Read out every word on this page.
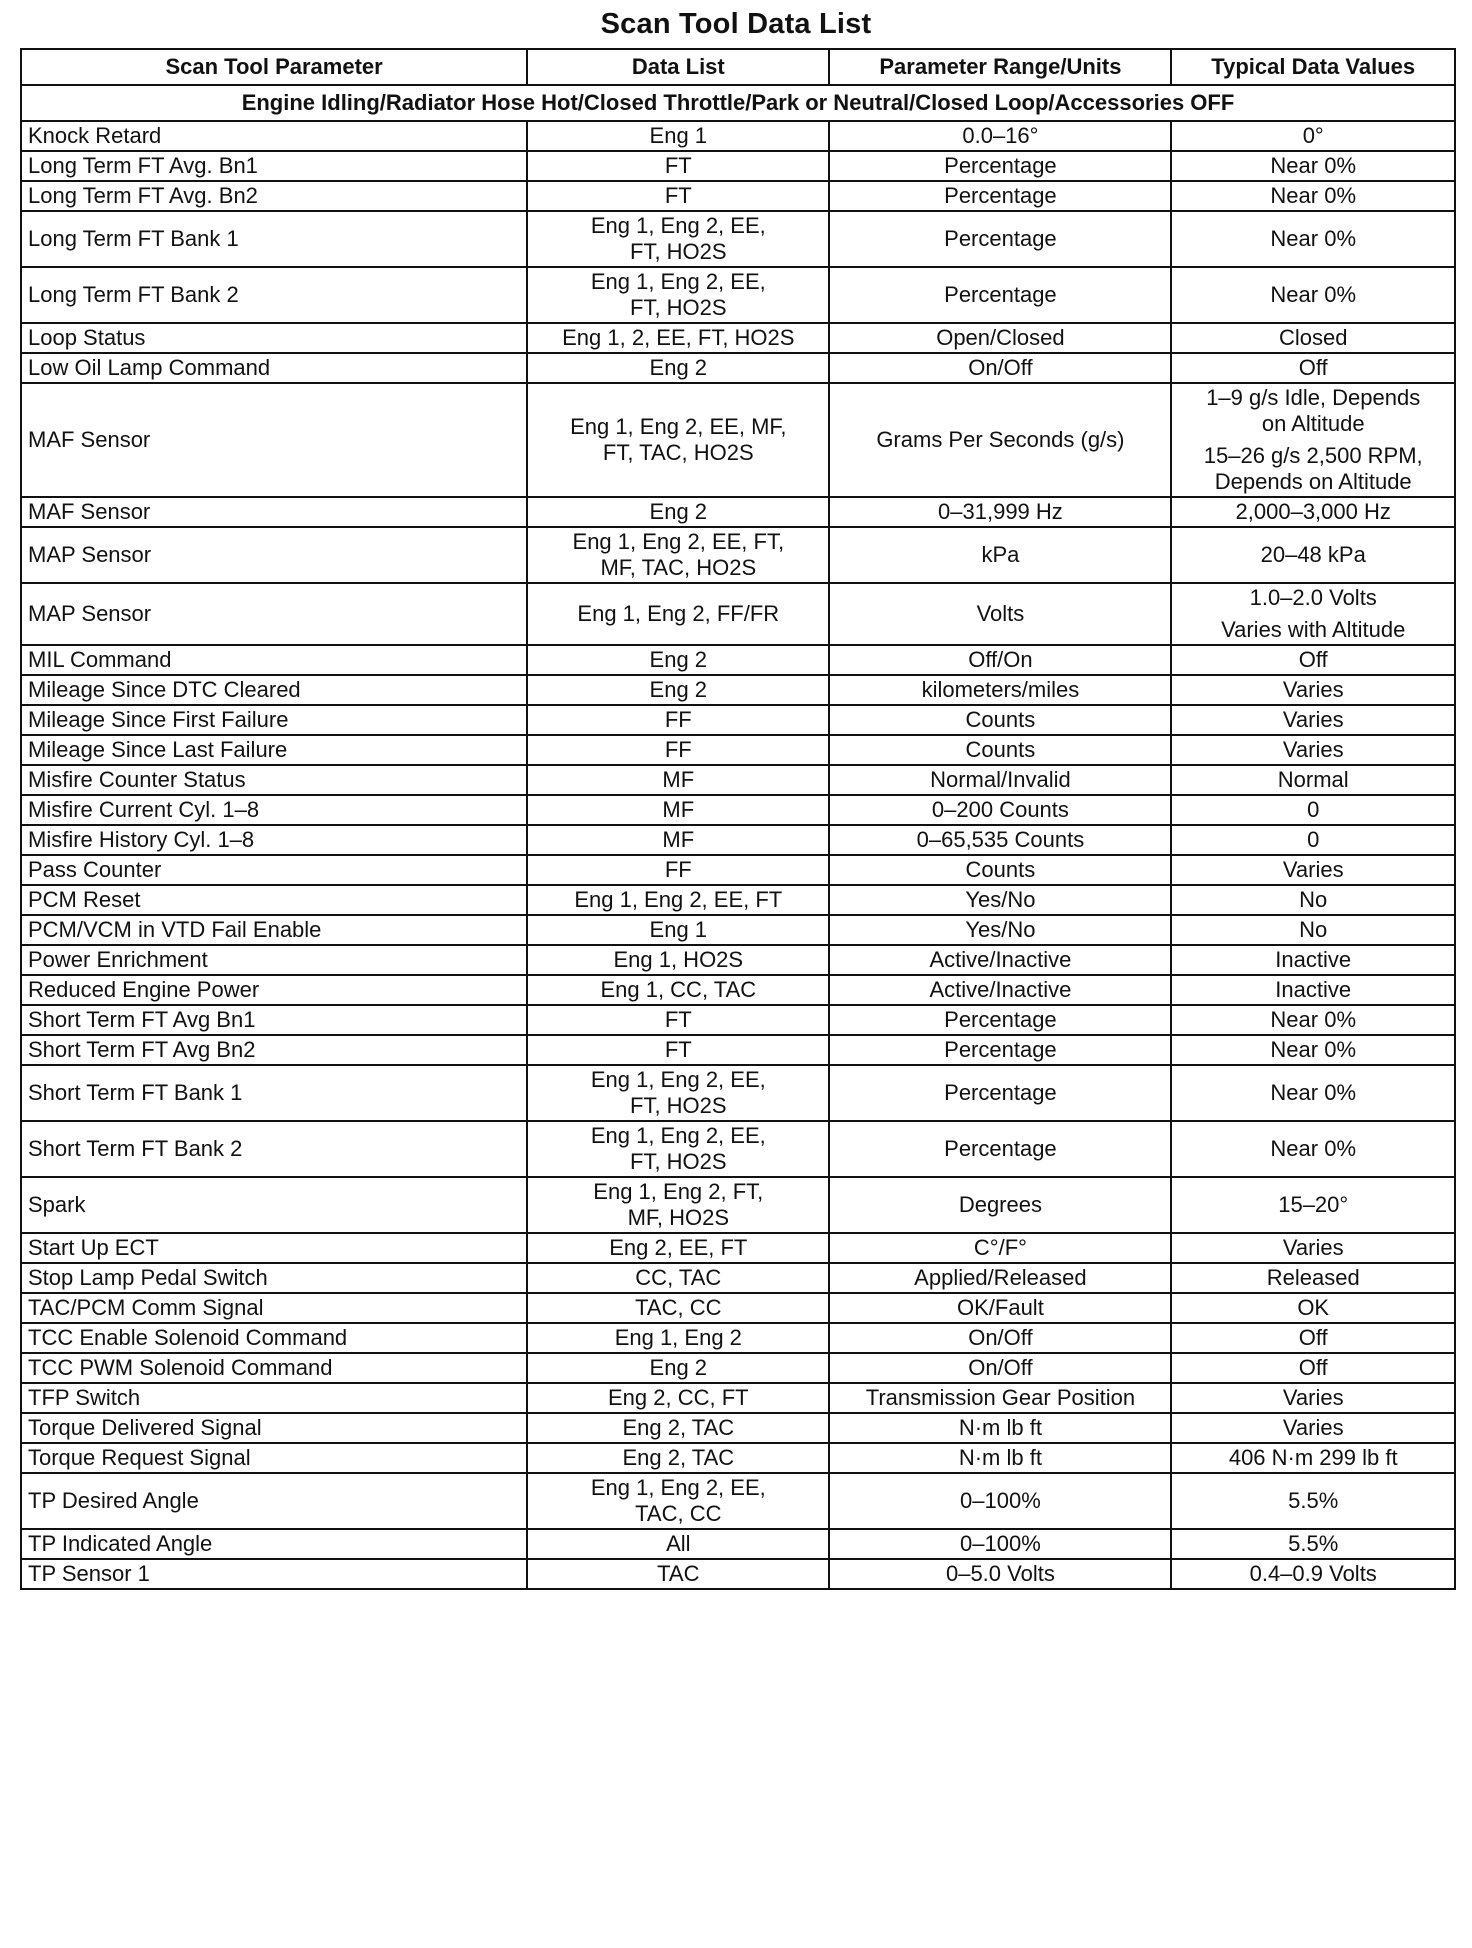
Scan Tool Data List
Scan Tool Parameter	Data List	Parameter Range/Units	Typical Data Values
Engine Idling/Radiator Hose Hot/Closed Throttle/Park or Neutral/Closed Loop/Accessories OFF			
Knock Retard	Eng 1	0.0–16°	0°

Long Term FT Avg. Bn1	FT	Percentage	Near 0%

Long Term FT Avg. Bn2	FT	Percentage	Near 0%

Long Term FT Bank 1	Eng 1, Eng 2, EE,
FT, HO2S	Percentage	Near 0%

Long Term FT Bank 2	Eng 1, Eng 2, EE,
FT, HO2S	Percentage	Near 0%

Loop Status	Eng 1, 2, EE, FT, HO2S	Open/Closed	Closed

Low Oil Lamp Command	Eng 2	On/Off	Off

MAF Sensor	Eng 1, Eng 2, EE, MF,
FT, TAC, HO2S	Grams Per Seconds (g/s)	1–9 g/s Idle, Depends
on Altitude
15–26 g/s 2,500 RPM,
Depends on Altitude

MAF Sensor	Eng 2	0–31,999 Hz	2,000–3,000 Hz

MAP Sensor	Eng 1, Eng 2, EE, FT,
MF, TAC, HO2S	kPa	20–48 kPa

MAP Sensor	Eng 1, Eng 2, FF/FR	Volts	1.0–2.0 Volts
Varies with Altitude

MIL Command	Eng 2	Off/On	Off

Mileage Since DTC Cleared	Eng 2	kilometers/miles	Varies

Mileage Since First Failure	FF	Counts	Varies

Mileage Since Last Failure	FF	Counts	Varies

Misfire Counter Status	MF	Normal/Invalid	Normal

Misfire Current Cyl. 1–8	MF	0–200 Counts	0

Misfire History Cyl. 1–8	MF	0–65,535 Counts	0

Pass Counter	FF	Counts	Varies

PCM Reset	Eng 1, Eng 2, EE, FT	Yes/No	No

PCM/VCM in VTD Fail Enable	Eng 1	Yes/No	No

Power Enrichment	Eng 1, HO2S	Active/Inactive	Inactive

Reduced Engine Power	Eng 1, CC, TAC	Active/Inactive	Inactive

Short Term FT Avg Bn1	FT	Percentage	Near 0%

Short Term FT Avg Bn2	FT	Percentage	Near 0%

Short Term FT Bank 1	Eng 1, Eng 2, EE,
FT, HO2S	Percentage	Near 0%

Short Term FT Bank 2	Eng 1, Eng 2, EE,
FT, HO2S	Percentage	Near 0%

Spark	Eng 1, Eng 2, FT,
MF, HO2S	Degrees	15–20°

Start Up ECT	Eng 2, EE, FT	C°/F°	Varies

Stop Lamp Pedal Switch	CC, TAC	Applied/Released	Released

TAC/PCM Comm Signal	TAC, CC	OK/Fault	OK

TCC Enable Solenoid Command	Eng 1, Eng 2	On/Off	Off

TCC PWM Solenoid Command	Eng 2	On/Off	Off

TFP Switch	Eng 2, CC, FT	Transmission Gear Position	Varies

Torque Delivered Signal	Eng 2, TAC	N·m lb ft	Varies

Torque Request Signal	Eng 2, TAC	N·m lb ft	406 N·m 299 lb ft

TP Desired Angle	Eng 1, Eng 2, EE,
TAC, CC	0–100%	5.5%

TP Indicated Angle	All	0–100%	5.5%

TP Sensor 1	TAC	0–5.0 Volts	0.4–0.9 Volts
